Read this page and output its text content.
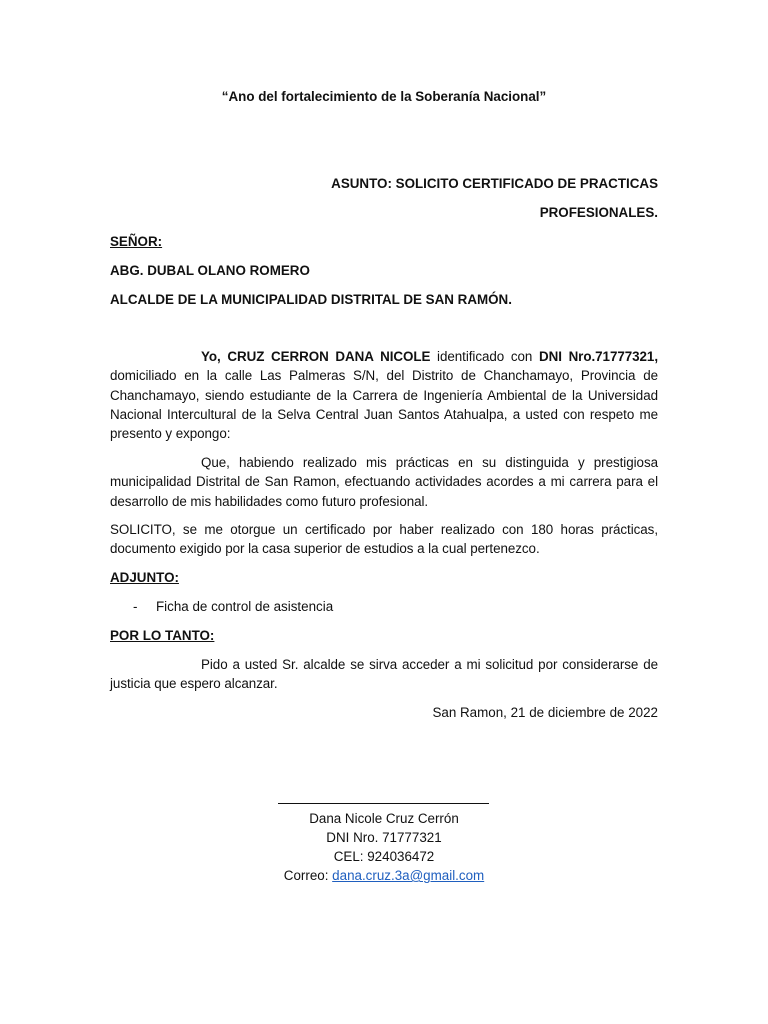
“Ano del fortalecimiento de la Soberanía Nacional”
ASUNTO: SOLICITO CERTIFICADO DE PRACTICAS
PROFESIONALES.
SEÑOR:
ABG. DUBAL OLANO ROMERO
ALCALDE DE LA MUNICIPALIDAD DISTRITAL DE SAN RAMÓN.
Yo, CRUZ CERRON DANA NICOLE identificado con DNI Nro.71777321, domiciliado en la calle Las Palmeras S/N, del Distrito de Chanchamayo, Provincia de Chanchamayo, siendo estudiante de la Carrera de Ingeniería Ambiental de la Universidad Nacional Intercultural de la Selva Central Juan Santos Atahualpa, a usted con respeto me presento y expongo:
Que, habiendo realizado mis prácticas en su distinguida y prestigiosa municipalidad Distrital de San Ramon, efectuando actividades acordes a mi carrera para el desarrollo de mis habilidades como futuro profesional.
SOLICITO, se me otorgue un certificado por haber realizado con 180 horas prácticas, documento exigido por la casa superior de estudios a la cual pertenezco.
ADJUNTO:
- Ficha de control de asistencia
POR LO TANTO:
Pido a usted Sr. alcalde se sirva acceder a mi solicitud por considerarse de justicia que espero alcanzar.
San Ramon, 21 de diciembre de 2022
Dana Nicole Cruz Cerrón
DNI Nro. 71777321
CEL: 924036472
Correo: dana.cruz.3a@gmail.com
